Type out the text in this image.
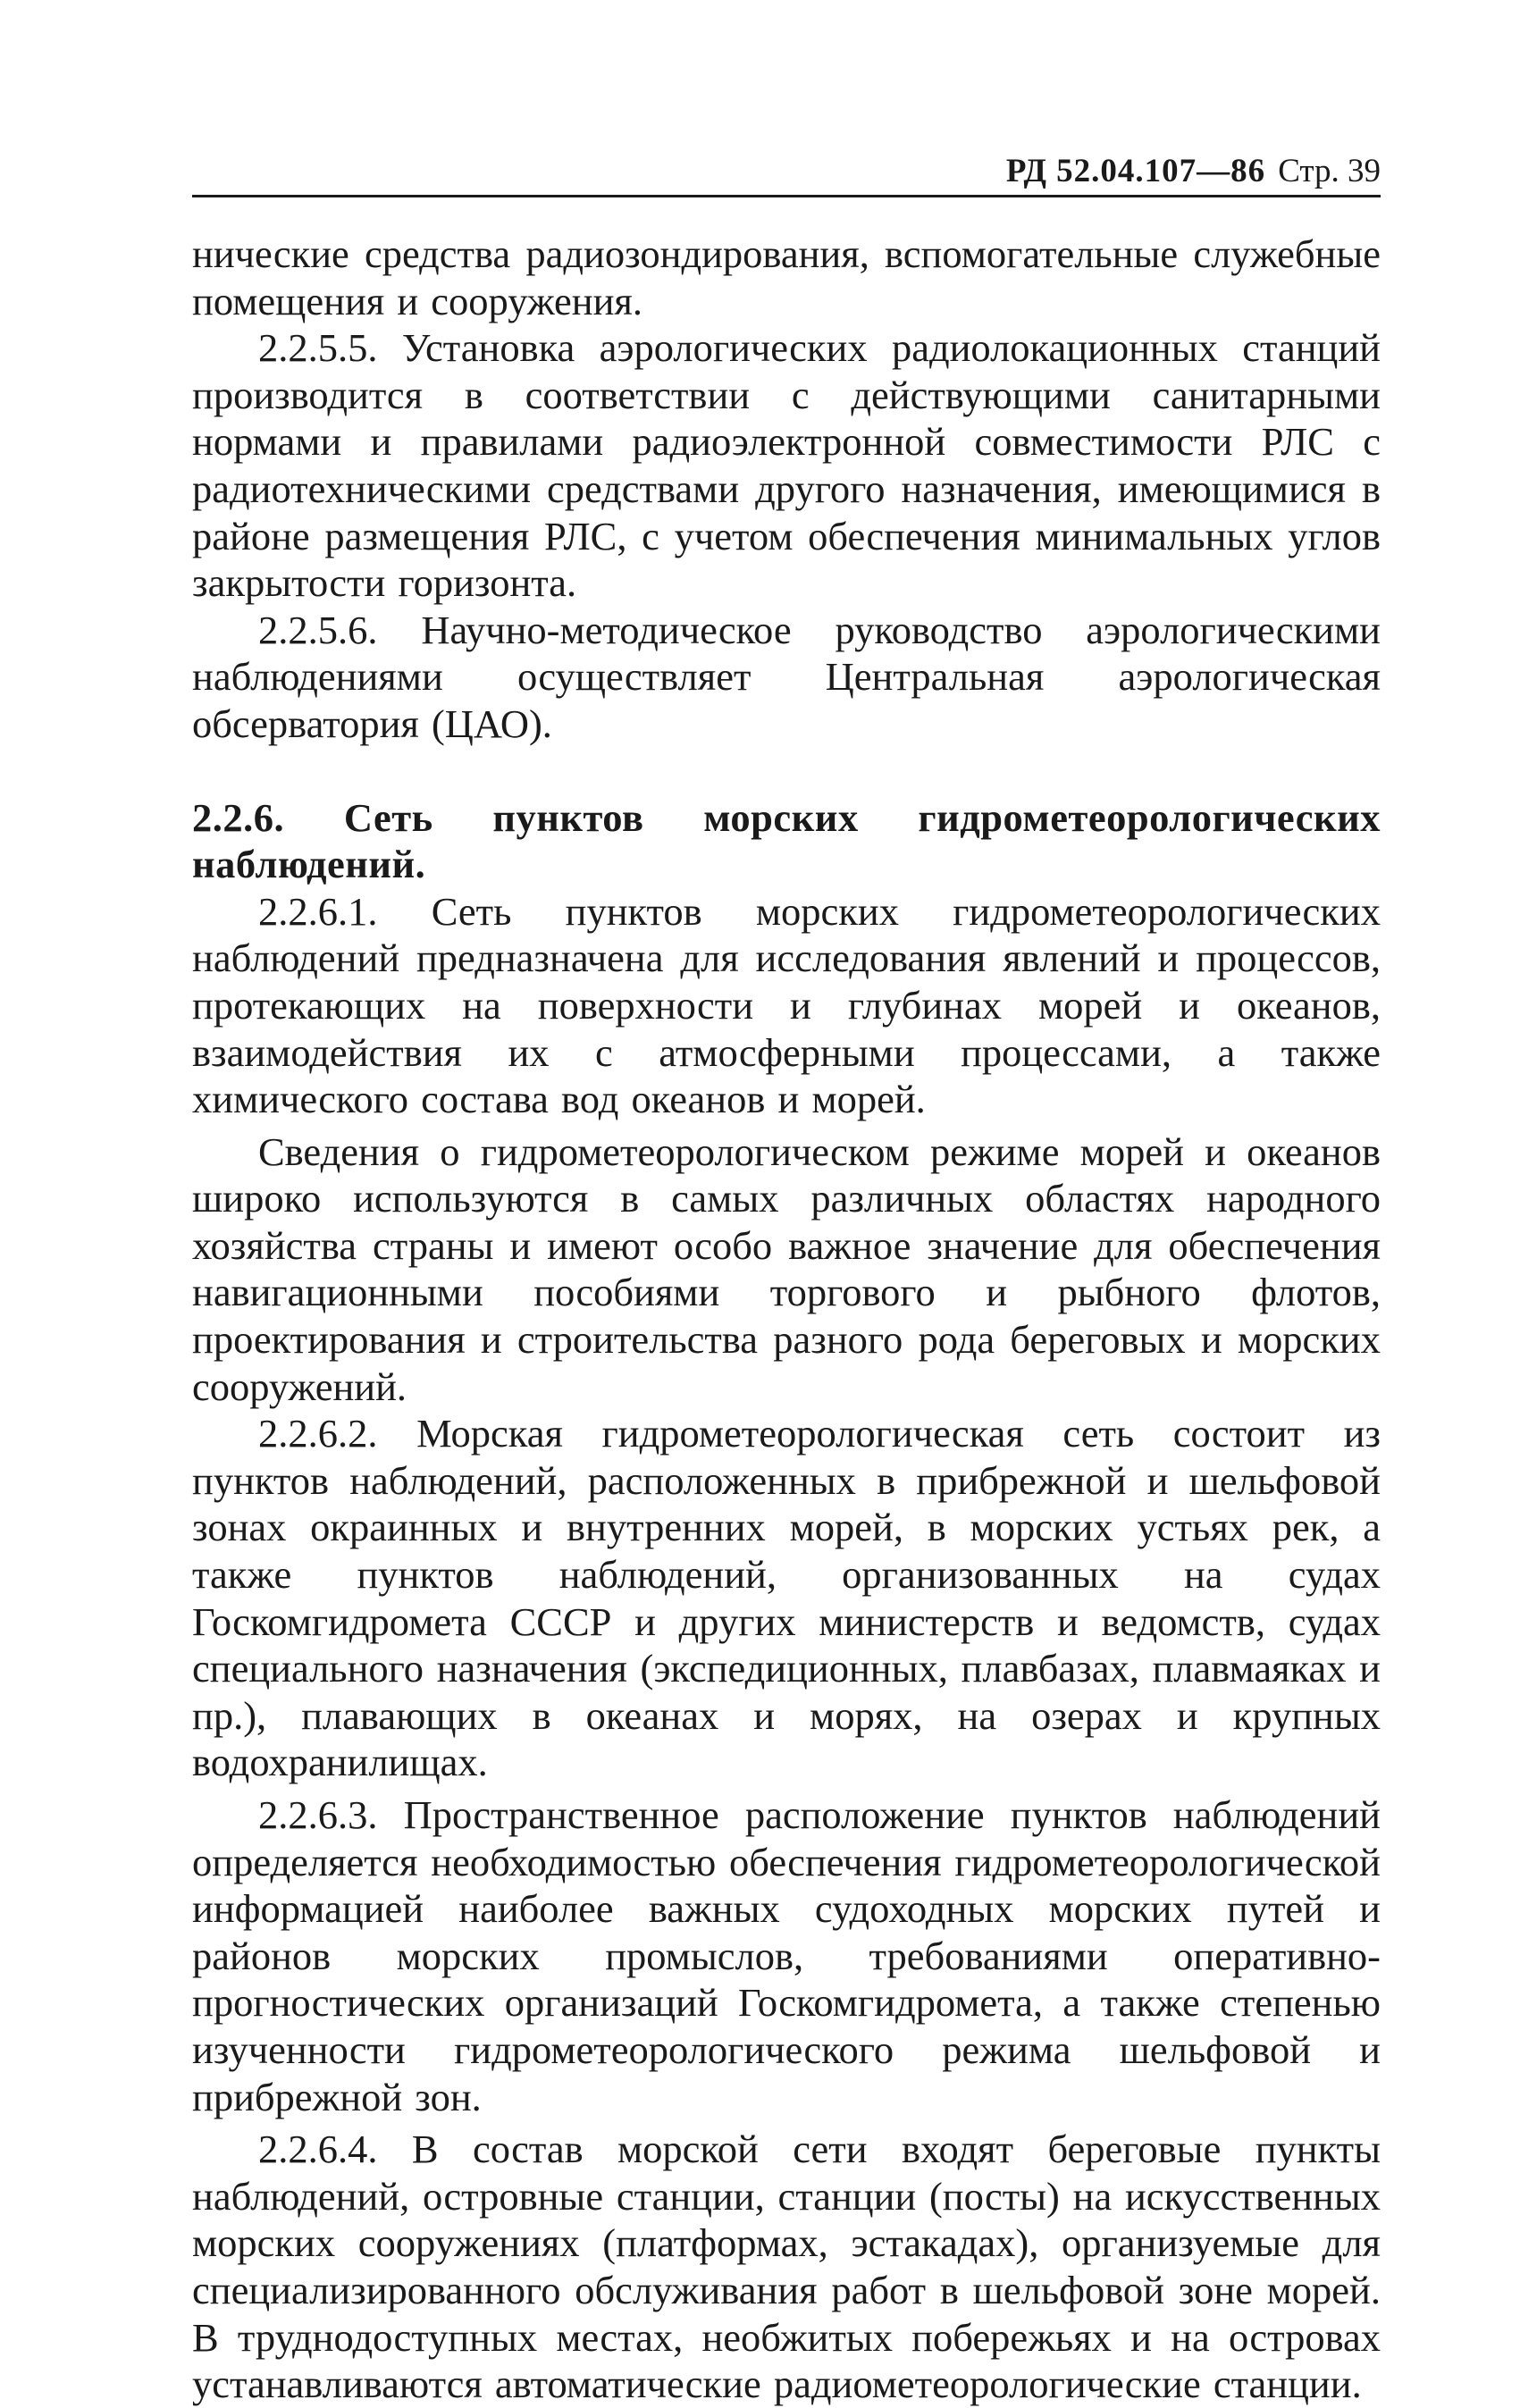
РД 52.04.107—86 Стр. 39

нические средства радиозондирования, вспомогательные служебные помещения и сооружения.

2.2.5.5. Установка аэрологических радиолокационных станций производится в соответствии с действующими санитарными нормами и правилами радиоэлектронной совместимости РЛС с радиотехническими средствами другого назначения, имеющимися в районе размещения РЛС, с учетом обеспечения минимальных углов закрытости горизонта.

2.2.5.6. Научно-методическое руководство аэрологическими наблюдениями осуществляет Центральная аэрологическая обсерватория (ЦАО).

2.2.6. Сеть пунктов морских гидрометеорологических наблюдений.

2.2.6.1. Сеть пунктов морских гидрометеорологических наблюдений предназначена для исследования явлений и процессов, протекающих на поверхности и глубинах морей и океанов, взаимодействия их с атмосферными процессами, а также химического состава вод океанов и морей.

Сведения о гидрометеорологическом режиме морей и океанов широко используются в самых различных областях народного хозяйства страны и имеют особо важное значение для обеспечения навигационными пособиями торгового и рыбного флотов, проектирования и строительства разного рода береговых и морских сооружений.

2.2.6.2. Морская гидрометеорологическая сеть состоит из пунктов наблюдений, расположенных в прибрежной и шельфовой зонах окраинных и внутренних морей, в морских устьях рек, а также пунктов наблюдений, организованных на судах Госкомгидромета СССР и других министерств и ведомств, судах специального назначения (экспедиционных, плавбазах, плавмаяках и пр.), плавающих в океанах и морях, на озерах и крупных водохранилищах.

2.2.6.3. Пространственное расположение пунктов наблюдений определяется необходимостью обеспечения гидрометеорологической информацией наиболее важных судоходных морских путей и районов морских промыслов, требованиями оперативно-прогностических организаций Госкомгидромета, а также степенью изученности гидрометеорологического режима шельфовой и прибрежной зон.

2.2.6.4. В состав морской сети входят береговые пункты наблюдений, островные станции, станции (посты) на искусственных морских сооружениях (платформах, эстакадах), организуемые для специализированного обслуживания работ в шельфовой зоне морей. В труднодоступных местах, необжитых побережьях и на островах устанавливаются автоматические радиометеорологические станции.
